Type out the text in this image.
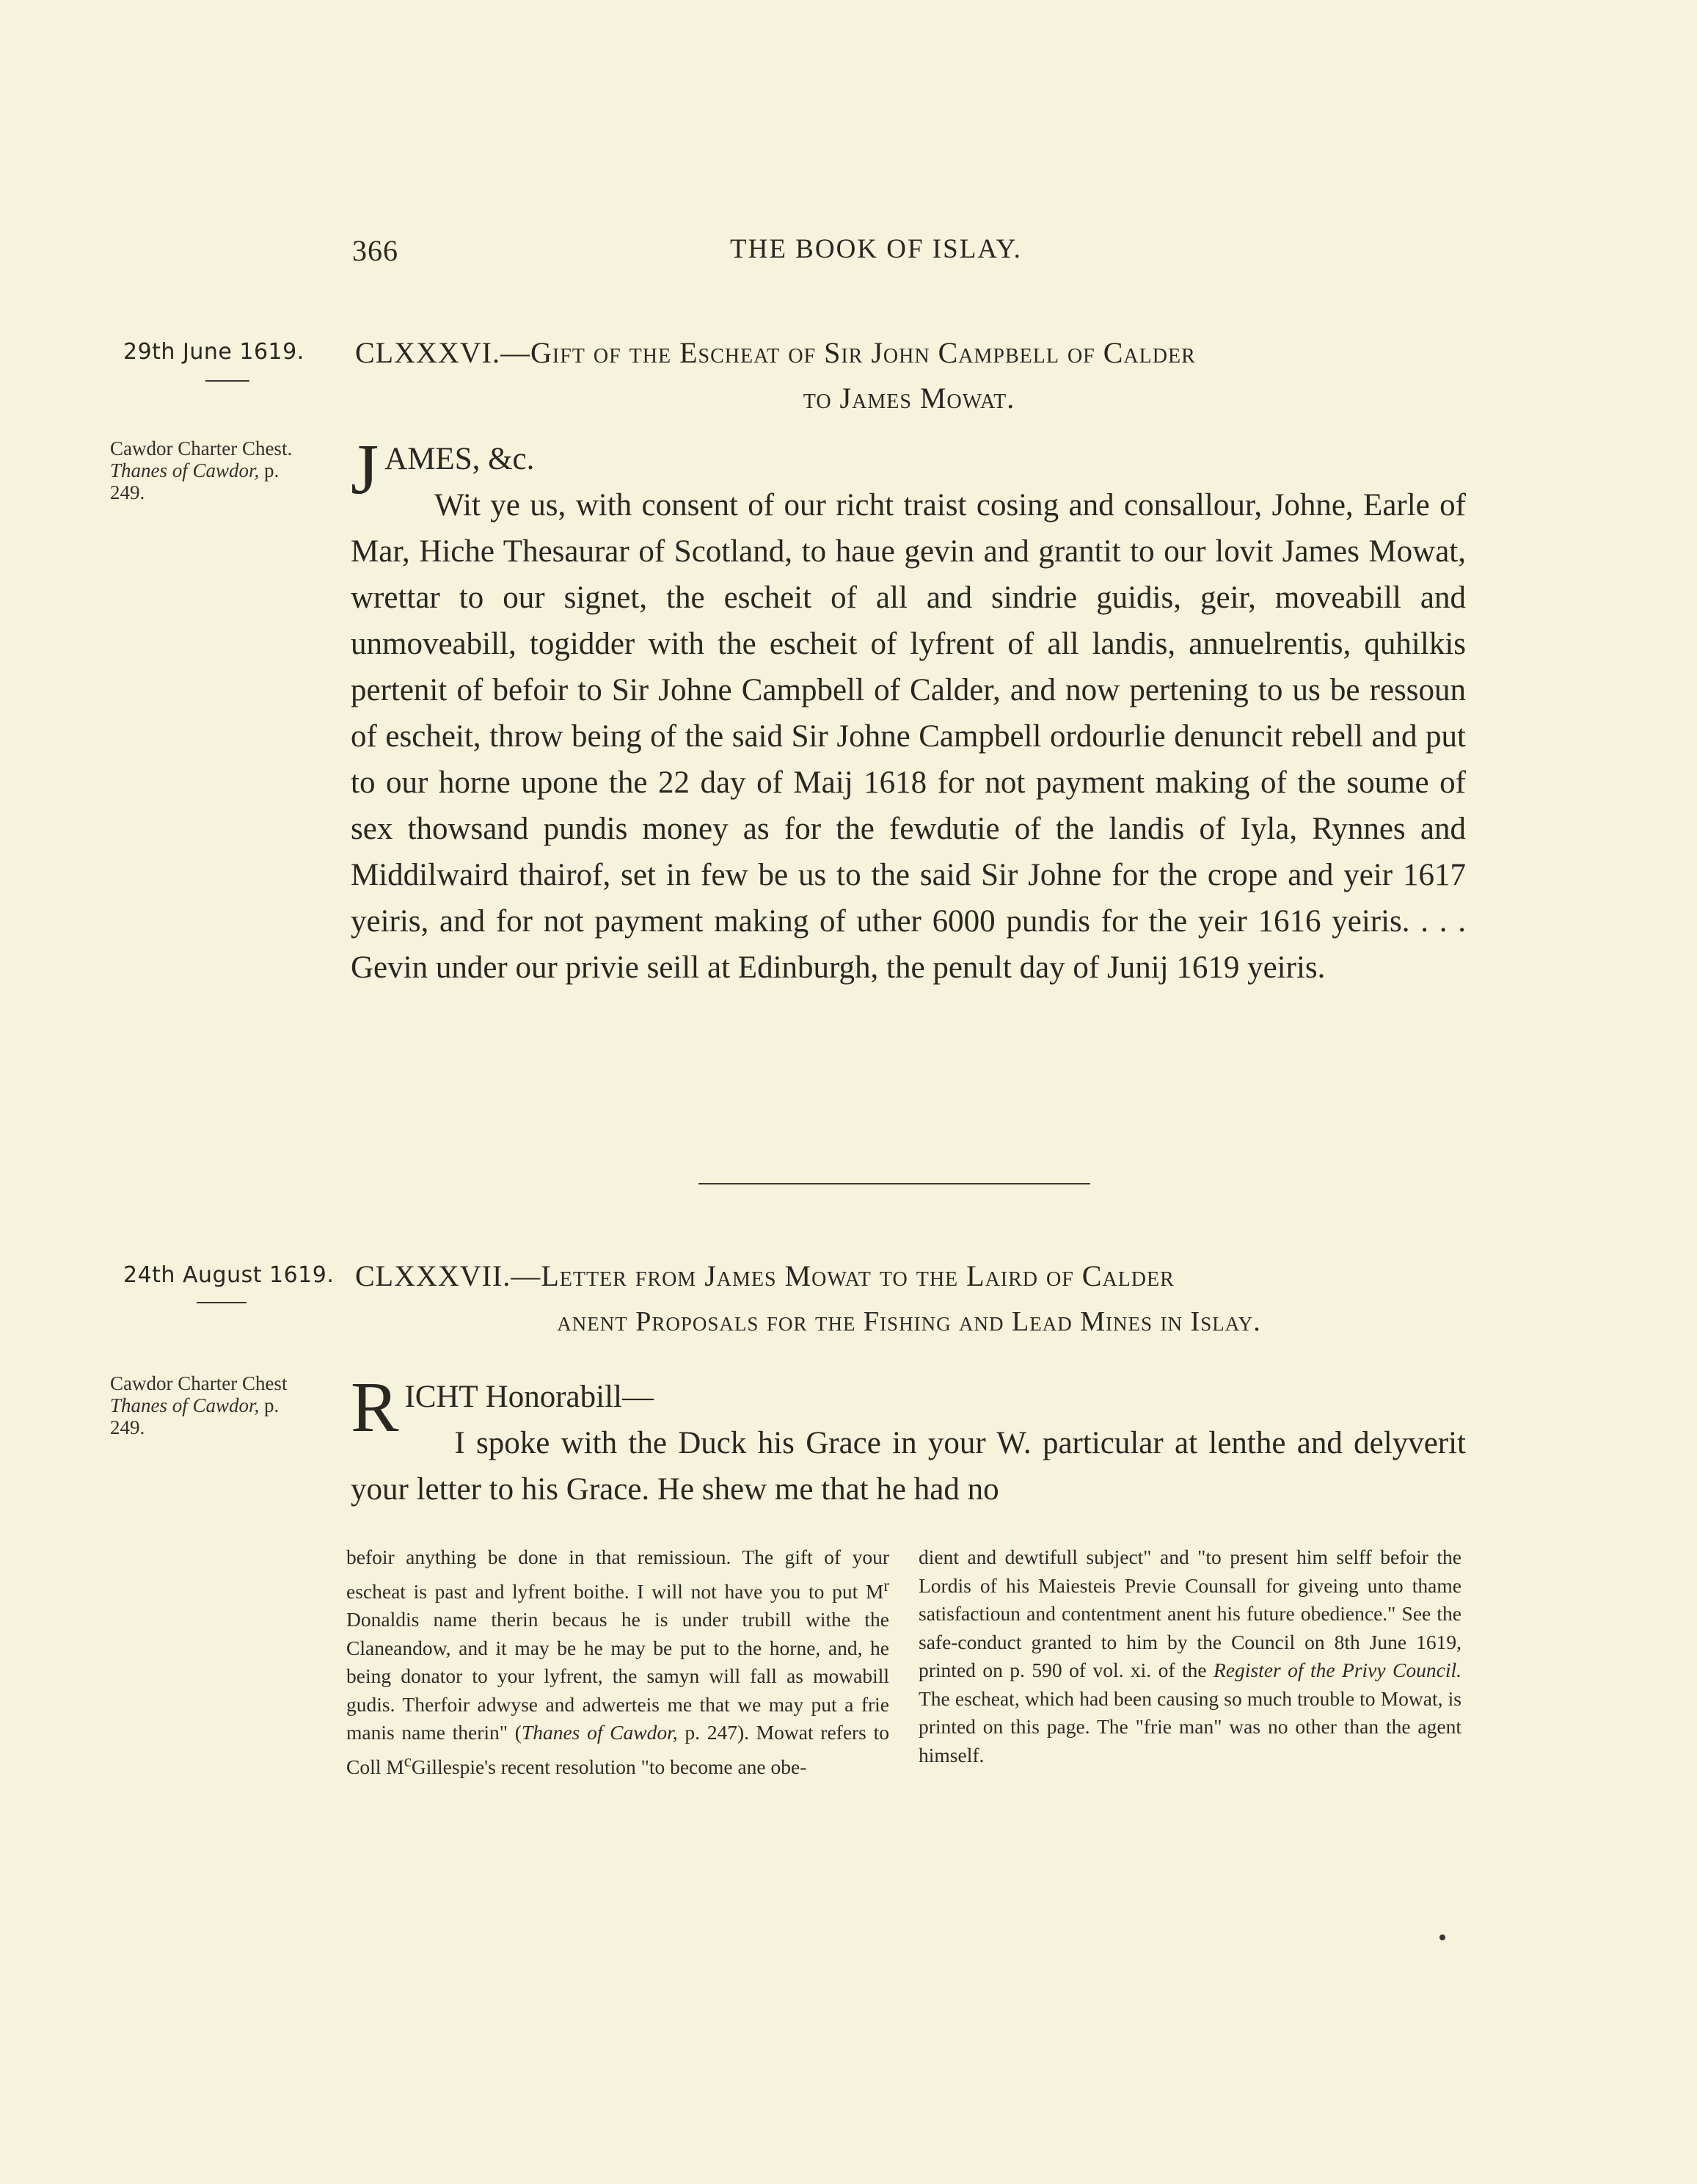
366	THE BOOK OF ISLAY.
29th June 1619.
Cawdor Charter Chest.
Thanes of Cawdor, p.
249.
CLXXXVI.—Gift of the Escheat of Sir John Campbell of Calder
to James Mowat.
J AMES, &c.
Wit ye us, with consent of our richt traist cosing and consallour, Johne, Earle of Mar, Hiche Thesaurar of Scotland, to haue gevin and grantit to our lovit James Mowat, wrettar to our signet, the escheit of all and sindrie guidis, geir, moveabill and unmoveabill, togidder with the escheit of lyfrent of all landis, annuelrentis, quhilkis pertenit of befoir to Sir Johne Campbell of Calder, and now pertening to us be ressoun of escheit, throw being of the said Sir Johne Campbell ordourlie denuncit rebell and put to our horne upone the 22 day of Maij 1618 for not payment making of the soume of sex thowsand pundis money as for the fewdutie of the landis of Iyla, Rynnes and Middilwaird thairof, set in few be us to the said Sir Johne for the crope and yeir 1617 yeiris, and for not payment making of uther 6000 pundis for the yeir 1616 yeiris. . . . Gevin under our privie seill at Edinburgh, the penult day of Junij 1619 yeiris.
24th August 1619.
Cawdor Charter Chest
Thanes of Cawdor, p.
249.
CLXXXVII.—Letter from James Mowat to the Laird of Calder
anent Proposals for the Fishing and Lead Mines in Islay.
R ICHT Honorabill—
I spoke with the Duck his Grace in your W. particular at lenthe and delyverit your letter to his Grace. He shew me that he had no
befoir anything be done in that remissioun. The gift of your escheat is past and lyfrent boithe. I will not have you to put $M^r$ Donaldis name therin becaus he is under trubill withe the Claneandow, and it may be he may be put to the horne, and, he being donator to your lyfrent, the samyn will fall as mowabill gudis. Therfoir adwyse and adwerteis me that we may put a frie manis name therin" (Thanes of Cawdor, p. 247). Mowat refers to Coll $M^cGillespie's$ recent resolution "to become ane obe-
dient and dewtifull subject" and "to present him selff befoir the Lordis of his Maiesteis Previe Counsall for giveing unto thame satisfactioun and contentment anent his future obedience." See the safe-conduct granted to him by the Council on 8th June 1619, printed on p. 590 of vol. xi. of the Register of the Privy Council. The escheat, which had been causing so much trouble to Mowat, is printed on this page. The "frie man" was no other than the agent himself.
